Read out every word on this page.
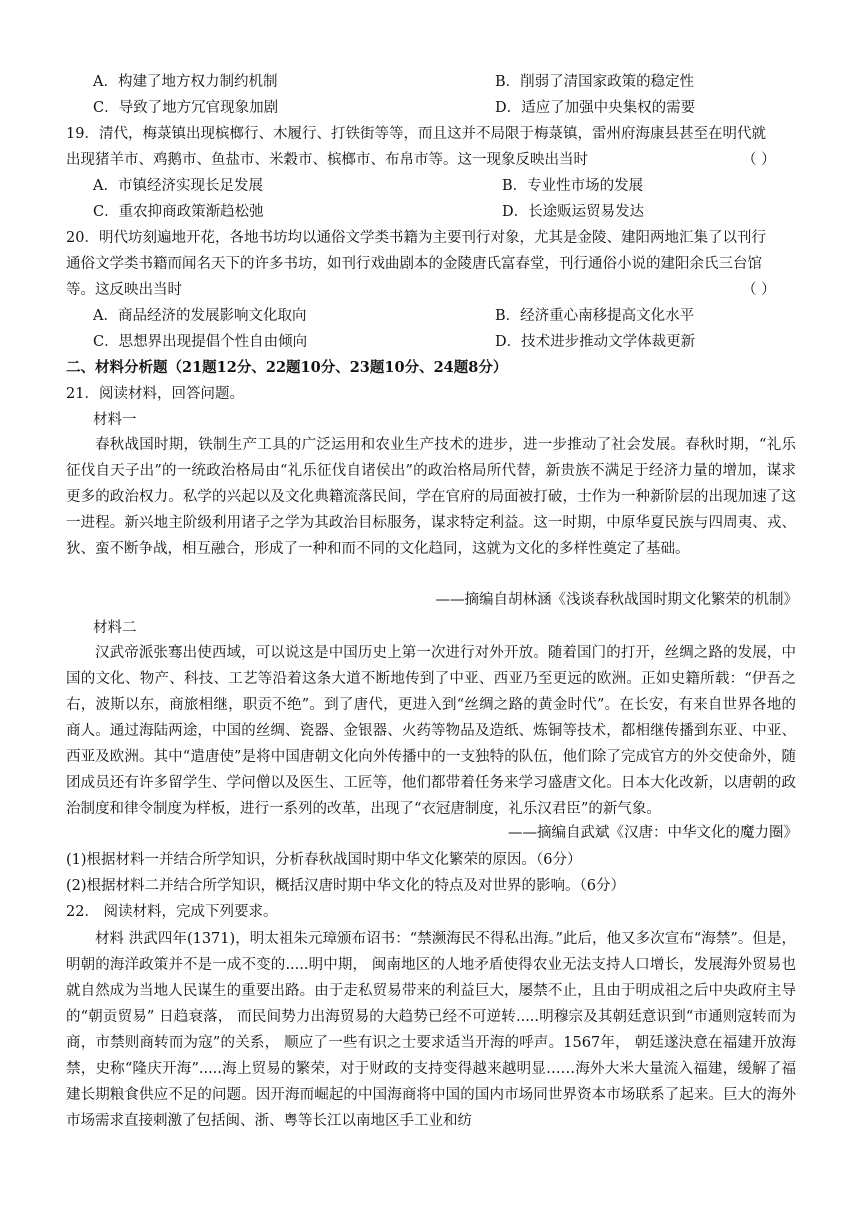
A．构建了地方权力制约机制	B．削弱了清国家政策的稳定性
C．导致了地方冗官现象加剧	D．适应了加强中央集权的需要
19．清代，梅菉镇出现槟榔行、木履行、打铁街等等，而且这并不局限于梅菉镇，雷州府海康县甚至在明代就
出现猪羊市、鸡鹅市、鱼盐市、米穀市、槟榔市、布帛市等。这一现象反映出当时	（ ）
A．市镇经济实现长足发展	B．专业性市场的发展
C．重农抑商政策渐趋松弛	D．长途贩运贸易发达
20．明代坊刻遍地开花，各地书坊均以通俗文学类书籍为主要刊行对象，尤其是金陵、建阳两地汇集了以刊行
通俗文学类书籍而闻名天下的许多书坊，如刊行戏曲剧本的金陵唐氏富春堂，刊行通俗小说的建阳余氏三台馆
等。这反映出当时	（ ）
A．商品经济的发展影响文化取向	B．经济重心南移提高文化水平
C．思想界出现提倡个性自由倾向	D．技术进步推动文学体裁更新
二、材料分析题（21题12分、22题10分、23题10分、24题8分）
21．阅读材料，回答问题。
材料一

春秋战国时期，铁制生产工具的广泛运用和农业生产技术的进步，进一步推动了社会发展。春秋时期，“礼乐征伐自天子出”的一统政治格局由“礼乐征伐自诸侯出”的政治格局所代替，新贵族不满足于经济力量的增加，谋求更多的政治权力。私学的兴起以及文化典籍流落民间，学在官府的局面被打破，士作为一种新阶层的出现加速了这一进程。新兴地主阶级利用诸子之学为其政治目标服务，谋求特定利益。这一时期，中原华夏民族与四周夷、戎、狄、蛮不断争战，相互融合，形成了一种和而不同的文化趋同，这就为文化的多样性奠定了基础。

——摘编自胡林涵《浅谈春秋战国时期文化繁荣的机制》
材料二

汉武帝派张骞出使西域，可以说这是中国历史上第一次进行对外开放。随着国门的打开，丝绸之路的发展，中国的文化、物产、科技、工艺等沿着这条大道不断地传到了中亚、西亚乃至更远的欧洲。正如史籍所载：“伊吾之右，波斯以东，商旅相继，职贡不绝”。到了唐代，更进入到“丝绸之路的黄金时代”。在长安，有来自世界各地的商人。通过海陆两途，中国的丝绸、瓷器、金银器、火药等物品及造纸、炼铜等技术，都相继传播到东亚、中亚、西亚及欧洲。其中“遣唐使”是将中国唐朝文化向外传播中的一支独特的队伍，他们除了完成官方的外交使命外，随团成员还有许多留学生、学问僧以及医生、工匠等，他们都带着任务来学习盛唐文化。日本大化改新，以唐朝的政治制度和律令制度为样板，进行一系列的改革，出现了“衣冠唐制度，礼乐汉君臣”的新气象。

——摘编自武斌《汉唐：中华文化的魔力圈》
(1)根据材料一并结合所学知识，分析春秋战国时期中华文化繁荣的原因。（6分）
(2)根据材料二并结合所学知识，概括汉唐时期中华文化的特点及对世界的影响。（6分）
22． 阅读材料，完成下列要求。

材料 洪武四年(1371)，明太祖朱元璋颁布诏书：“禁濒海民不得私出海。”此后，他又多次宣布“海禁”。但是， 明朝的海洋政策并不是一成不变的.....明中期， 闽南地区的人地矛盾使得农业无法支持人口增长，发展海外贸易也就自然成为当地人民谋生的重要出路。由于走私贸易带来的利益巨大，屡禁不止，且由于明成祖之后中央政府主导的“朝贡贸易” 日趋衰落， 而民间势力出海贸易的大趋势已经不可逆转.....明穆宗及其朝廷意识到“市通则寇转而为商，市禁则商转而为寇”的关系， 顺应了一些有识之士要求适当开海的呼声。1567年， 朝廷遂決意在福建开放海禁，史称“隆庆开海”.....海上贸易的繁荣，对于财政的支持变得越来越明显……海外大米大量流入福建，缓解了福建长期粮食供应不足的问题。因开海而崛起的中国海商将中国的国内市场同世界资本市场联系了起来。巨大的海外市场需求直接刺激了包括闽、浙、粤等长江以南地区手工业和纺
